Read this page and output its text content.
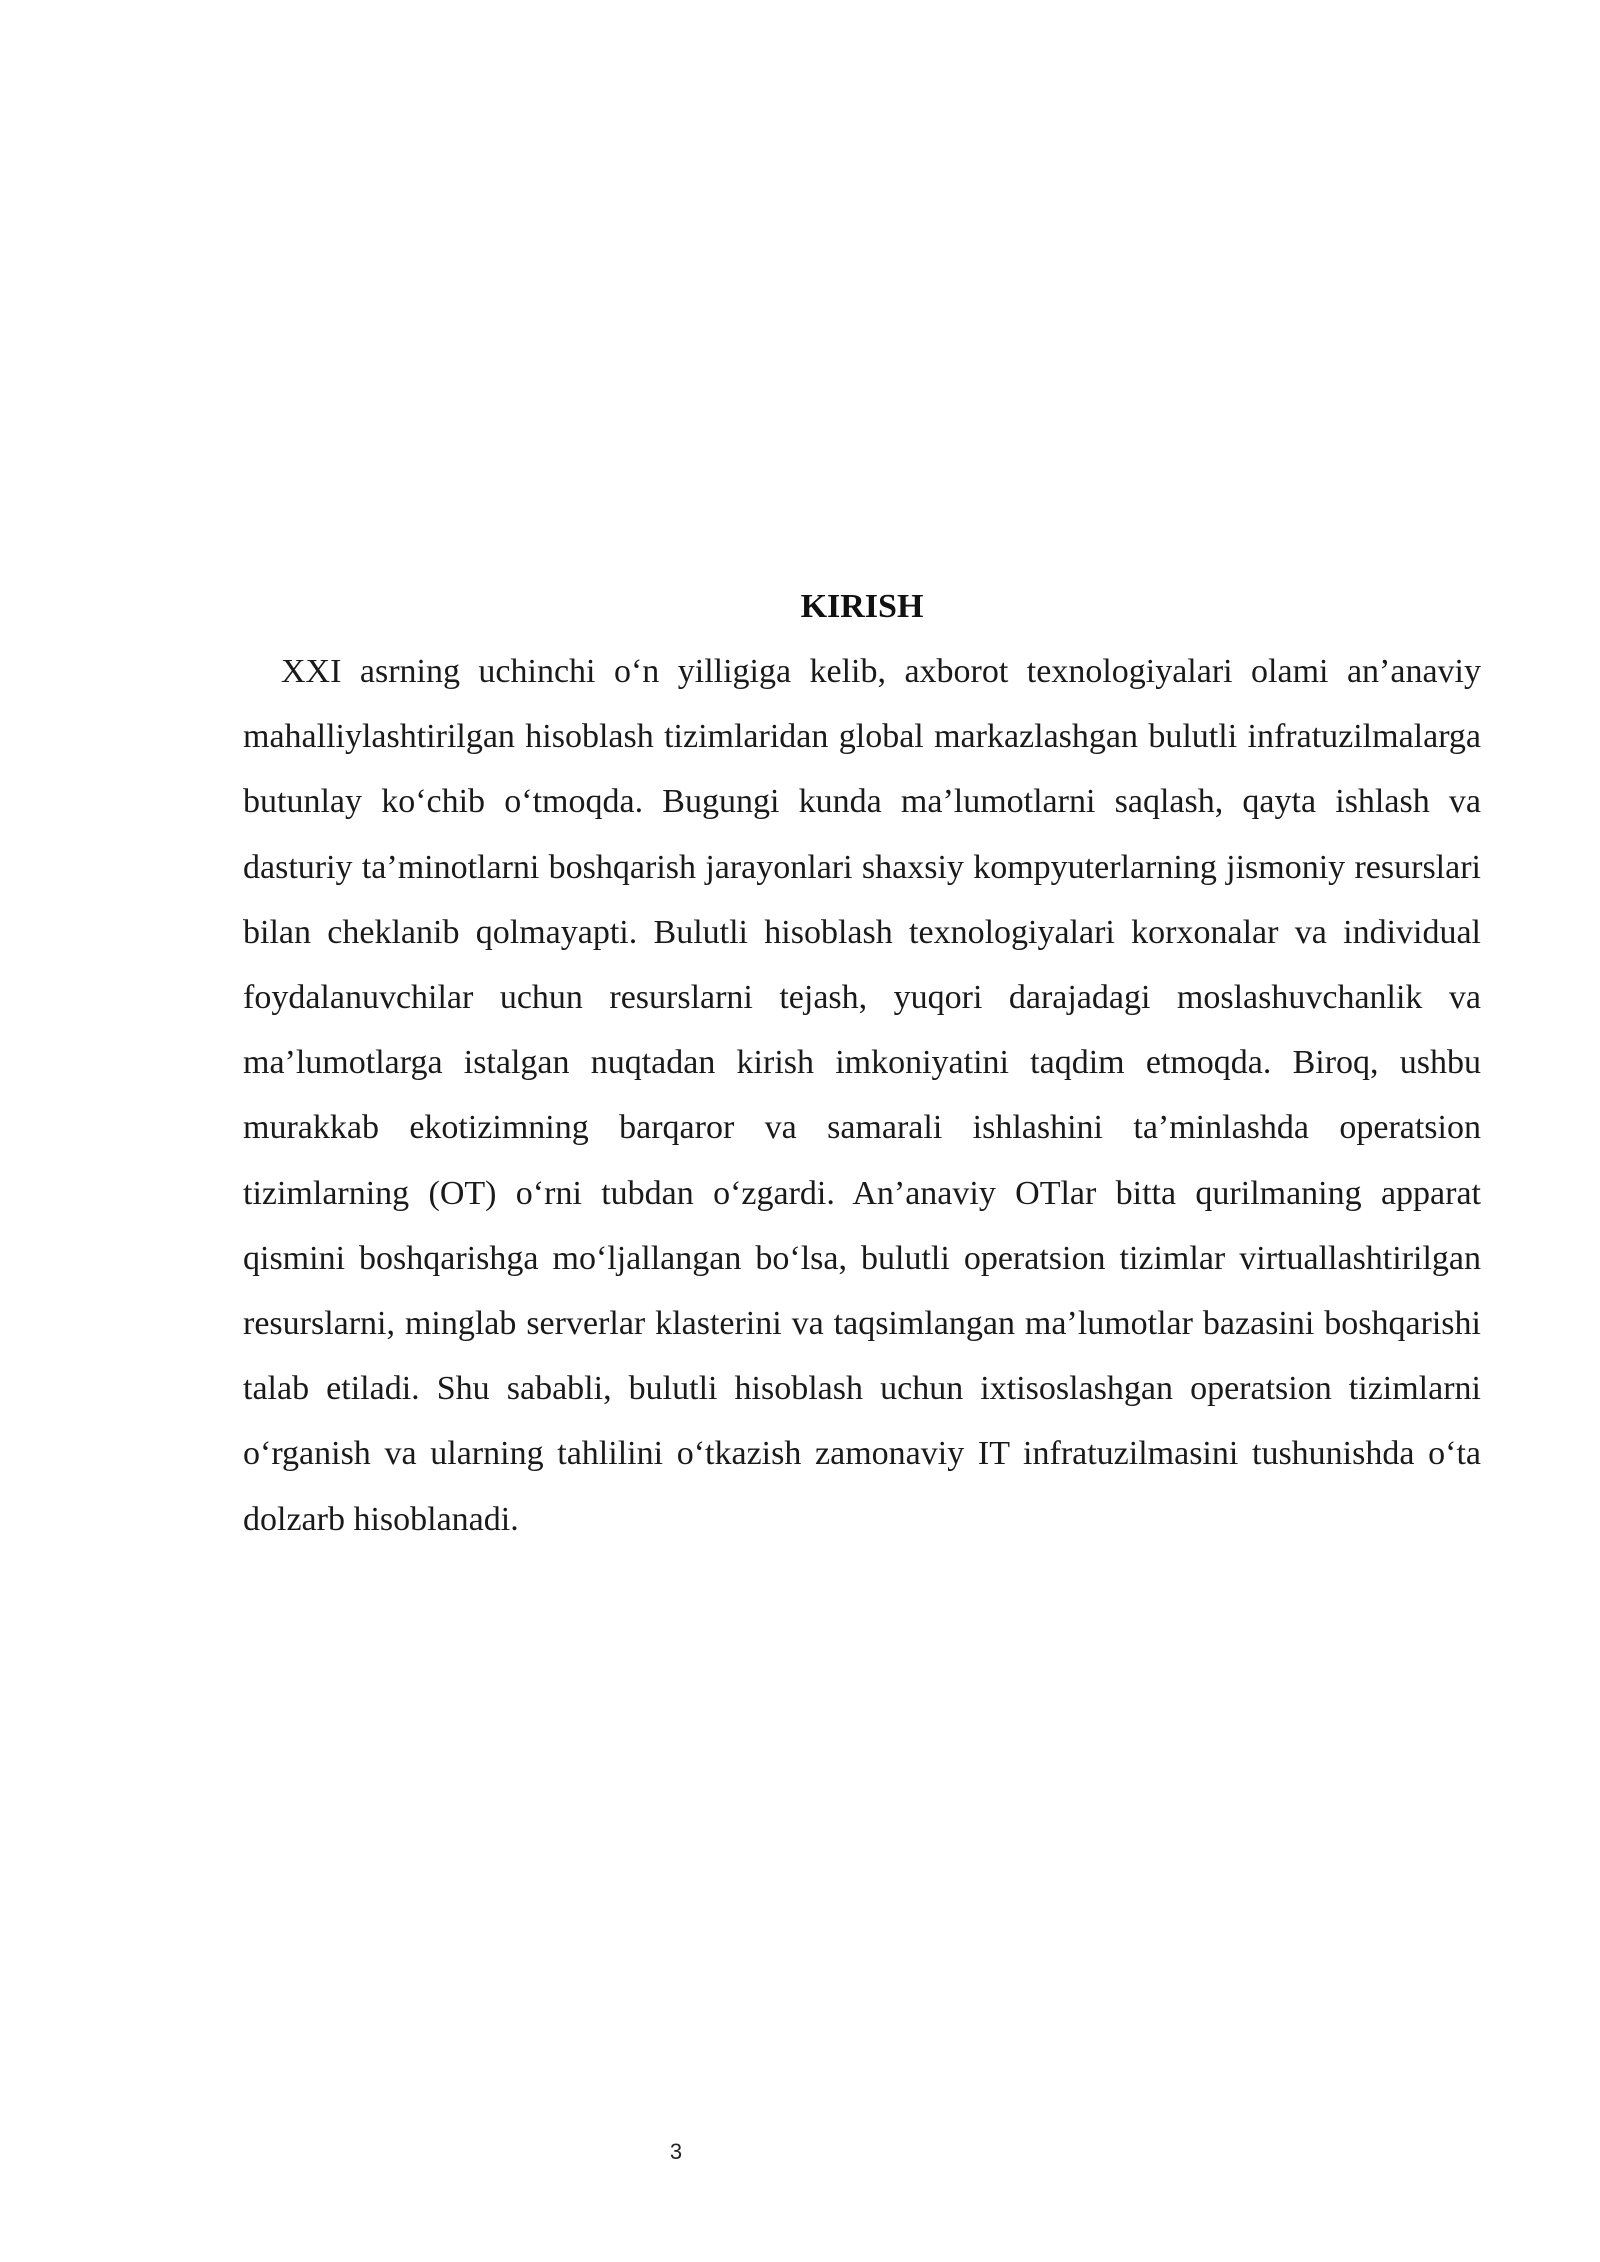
KIRISH

XXI asrning uchinchi o‘n yilligiga kelib, axborot texnologiyalari olami an’anaviy mahalliylashtirilgan hisoblash tizimlaridan global markazlashgan bulutli infratuzilmalarga butunlay ko‘chib o‘tmoqda. Bugungi kunda ma’lumotlarni saqlash, qayta ishlash va dasturiy ta’minotlarni boshqarish jarayonlari shaxsiy kompyuterlarning jismoniy resurslari bilan cheklanib qolmayapti. Bulutli hisoblash texnologiyalari korxonalar va individual foydalanuvchilar uchun resurslarni tejash, yuqori darajadagi moslashuvchanlik va ma’lumotlarga istalgan nuqtadan kirish imkoniyatini taqdim etmoqda. Biroq, ushbu murakkab ekotizimning barqaror va samarali ishlashini ta’minlashda operatsion tizimlarning (OT) o‘rni tubdan o‘zgardi. An’anaviy OTlar bitta qurilmaning apparat qismini boshqarishga mo‘ljallangan bo‘lsa, bulutli operatsion tizimlar virtuallashtirilgan resurslarni, minglab serverlar klasterini va taqsimlangan ma’lumotlar bazasini boshqarishi talab etiladi. Shu sababli, bulutli hisoblash uchun ixtisoslashgan operatsion tizimlarni o‘rganish va ularning tahlilini o‘tkazish zamonaviy IT infratuzilmasini tushunishda o‘ta dolzarb hisoblanadi.

3
